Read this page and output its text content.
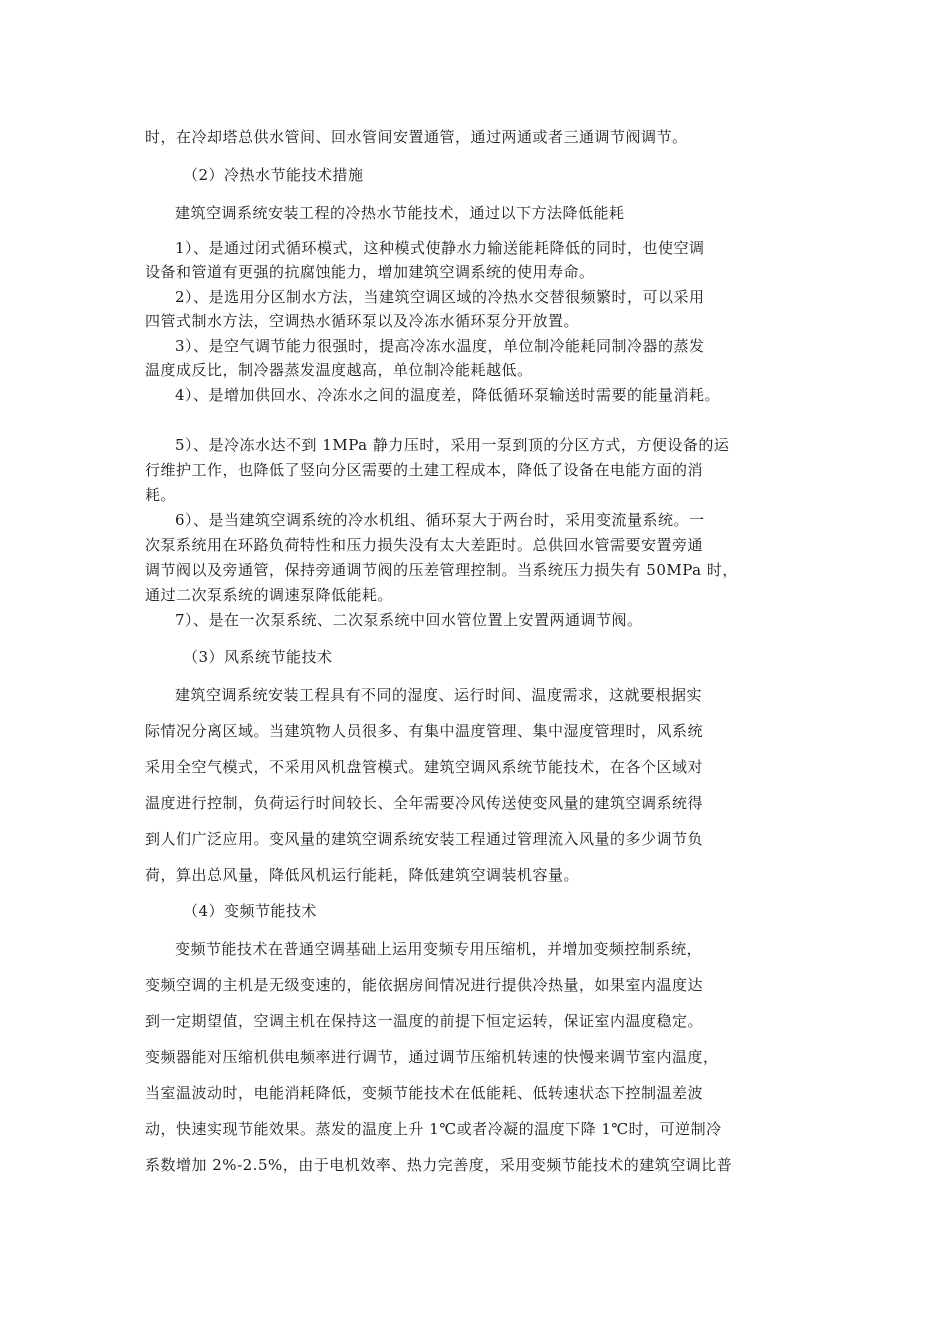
时，在冷却塔总供水管间、回水管间安置通管，通过两通或者三通调节阀调节。

（2）冷热水节能技术措施

建筑空调系统安装工程的冷热水节能技术，通过以下方法降低能耗

1）、是通过闭式循环模式，这种模式使静水力输送能耗降低的同时，也使空调

设备和管道有更强的抗腐蚀能力，增加建筑空调系统的使用寿命。

2）、是选用分区制水方法，当建筑空调区域的冷热水交替很频繁时，可以采用

四管式制水方法，空调热水循环泵以及冷冻水循环泵分开放置。

3）、是空气调节能力很强时，提高冷冻水温度，单位制冷能耗同制冷器的蒸发

温度成反比，制冷器蒸发温度越高，单位制冷能耗越低。

4）、是增加供回水、冷冻水之间的温度差，降低循环泵输送时需要的能量消耗。

5）、是冷冻水达不到 1MPa 静力压时，采用一泵到顶的分区方式，方便设备的运

行维护工作，也降低了竖向分区需要的土建工程成本，降低了设备在电能方面的消

耗。

6）、是当建筑空调系统的冷水机组、循环泵大于两台时，采用变流量系统。一

次泵系统用在环路负荷特性和压力损失没有太大差距时。总供回水管需要安置旁通

调节阀以及旁通管，保持旁通调节阀的压差管理控制。当系统压力损失有 50MPa 时，

通过二次泵系统的调速泵降低能耗。

7）、是在一次泵系统、二次泵系统中回水管位置上安置两通调节阀。

（3）风系统节能技术

建筑空调系统安装工程具有不同的湿度、运行时间、温度需求，这就要根据实

际情况分离区域。当建筑物人员很多、有集中温度管理、集中湿度管理时，风系统

采用全空气模式，不采用风机盘管模式。建筑空调风系统节能技术，在各个区域对

温度进行控制，负荷运行时间较长、全年需要冷风传送使变风量的建筑空调系统得

到人们广泛应用。变风量的建筑空调系统安装工程通过管理流入风量的多少调节负

荷，算出总风量，降低风机运行能耗，降低建筑空调装机容量。

（4）变频节能技术

变频节能技术在普通空调基础上运用变频专用压缩机，并增加变频控制系统，

变频空调的主机是无级变速的，能依据房间情况进行提供冷热量，如果室内温度达

到一定期望值，空调主机在保持这一温度的前提下恒定运转，保证室内温度稳定。

变频器能对压缩机供电频率进行调节，通过调节压缩机转速的快慢来调节室内温度，

当室温波动时，电能消耗降低，变频节能技术在低能耗、低转速状态下控制温差波

动，快速实现节能效果。蒸发的温度上升 1℃或者冷凝的温度下降 1℃时，可逆制冷

系数增加 2%-2.5%，由于电机效率、热力完善度，采用变频节能技术的建筑空调比普
